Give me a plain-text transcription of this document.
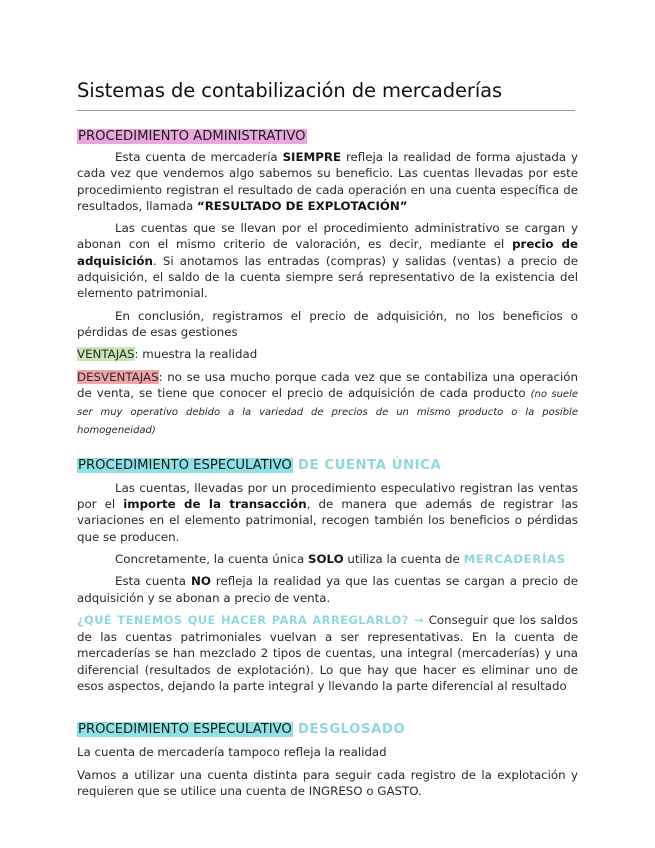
Sistemas de contabilización de mercaderías
PROCEDIMIENTO ADMINISTRATIVO

Esta cuenta de mercadería SIEMPRE refleja la realidad de forma ajustada y cada vez que vendemos algo sabemos su beneficio. Las cuentas llevadas por este procedimiento registran el resultado de cada operación en una cuenta específica de resultados, llamada “RESULTADO DE EXPLOTACIÓN”

Las cuentas que se llevan por el procedimiento administrativo se cargan y abonan con el mismo criterio de valoración, es decir, mediante el precio de adquisición. Si anotamos las entradas (compras) y salidas (ventas) a precio de adquisición, el saldo de la cuenta siempre será representativo de la existencia del elemento patrimonial.

En conclusión, registramos el precio de adquisición, no los beneficios o pérdidas de esas gestiones

VENTAJAS: muestra la realidad

DESVENTAJAS: no se usa mucho porque cada vez que se contabiliza una operación de venta, se tiene que conocer el precio de adquisición de cada producto (no suele ser muy operativo debido a la variedad de precios de un mismo producto o la posible homogeneidad)

PROCEDIMIENTO ESPECULATIVO DE CUENTA ÚNICA

Las cuentas, llevadas por un procedimiento especulativo registran las ventas por el importe de la transacción, de manera que además de registrar las variaciones en el elemento patrimonial, recogen también los beneficios o pérdidas que se producen.

Concretamente, la cuenta única SOLO utiliza la cuenta de MERCADERÍAS

Esta cuenta NO refleja la realidad ya que las cuentas se cargan a precio de adquisición y se abonan a precio de venta.

¿QUÉ TENEMOS QUE HACER PARA ARREGLARLO? → Conseguir que los saldos de las cuentas patrimoniales vuelvan a ser representativas. En la cuenta de mercaderías se han mezclado 2 tipos de cuentas, una integral (mercaderías) y una diferencial (resultados de explotación). Lo que hay que hacer es eliminar uno de esos aspectos, dejando la parte integral y llevando la parte diferencial al resultado

PROCEDIMIENTO ESPECULATIVO DESGLOSADO

La cuenta de mercadería tampoco refleja la realidad

Vamos a utilizar una cuenta distinta para seguir cada registro de la explotación y requieren que se utilice una cuenta de INGRESO o GASTO.
